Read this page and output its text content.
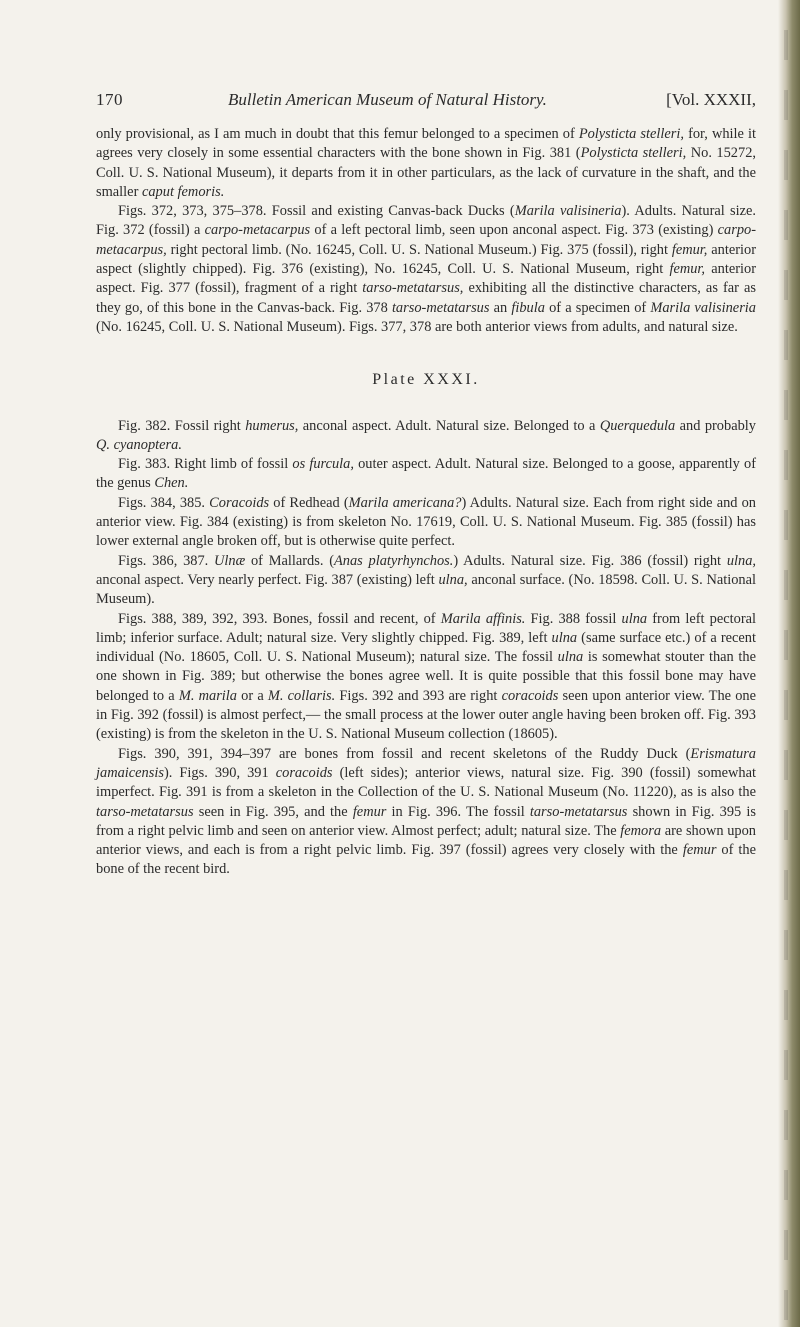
170	Bulletin American Museum of Natural History.	[Vol. XXXII,

only provisional, as I am much in doubt that this femur belonged to a specimen of Polysticta stelleri, for, while it agrees very closely in some essential characters with the bone shown in Fig. 381 (Polysticta stelleri, No. 15272, Coll. U. S. National Museum), it departs from it in other particulars, as the lack of curvature in the shaft, and the smaller caput femoris.

Figs. 372, 373, 375–378. Fossil and existing Canvas-back Ducks (Marila valisineria). Adults. Natural size. Fig. 372 (fossil) a carpo-metacarpus of a left pectoral limb, seen upon anconal aspect. Fig. 373 (existing) carpo-metacarpus, right pectoral limb. (No. 16245, Coll. U. S. National Museum.) Fig. 375 (fossil), right femur, anterior aspect (slightly chipped). Fig. 376 (existing), No. 16245, Coll. U. S. National Museum, right femur, anterior aspect. Fig. 377 (fossil), fragment of a right tarso-metatarsus, exhibiting all the distinctive characters, as far as they go, of this bone in the Canvas-back. Fig. 378 tarso-metatarsus an fibula of a specimen of Marila valisineria (No. 16245, Coll. U. S. National Museum). Figs. 377, 378 are both anterior views from adults, and natural size.

Plate XXXI.

Fig. 382. Fossil right humerus, anconal aspect. Adult. Natural size. Belonged to a Querquedula and probably Q. cyanoptera.

Fig. 383. Right limb of fossil os furcula, outer aspect. Adult. Natural size. Belonged to a goose, apparently of the genus Chen.

Figs. 384, 385. Coracoids of Redhead (Marila americana?) Adults. Natural size. Each from right side and on anterior view. Fig. 384 (existing) is from skeleton No. 17619, Coll. U. S. National Museum. Fig. 385 (fossil) has lower external angle broken off, but is otherwise quite perfect.

Figs. 386, 387. Ulnæ of Mallards. (Anas platyrhynchos.) Adults. Natural size. Fig. 386 (fossil) right ulna, anconal aspect. Very nearly perfect. Fig. 387 (existing) left ulna, anconal surface. (No. 18598. Coll. U. S. National Museum).

Figs. 388, 389, 392, 393. Bones, fossil and recent, of Marila affinis. Fig. 388 fossil ulna from left pectoral limb; inferior surface. Adult; natural size. Very slightly chipped. Fig. 389, left ulna (same surface etc.) of a recent individual (No. 18605, Coll. U. S. National Museum); natural size. The fossil ulna is somewhat stouter than the one shown in Fig. 389; but otherwise the bones agree well. It is quite possible that this fossil bone may have belonged to a M. marila or a M. collaris. Figs. 392 and 393 are right coracoids seen upon anterior view. The one in Fig. 392 (fossil) is almost perfect,— the small process at the lower outer angle having been broken off. Fig. 393 (existing) is from the skeleton in the U. S. National Museum collection (18605).

Figs. 390, 391, 394–397 are bones from fossil and recent skeletons of the Ruddy Duck (Erismatura jamaicensis). Figs. 390, 391 coracoids (left sides); anterior views, natural size. Fig. 390 (fossil) somewhat imperfect. Fig. 391 is from a skeleton in the Collection of the U. S. National Museum (No. 11220), as is also the tarso-metatarsus seen in Fig. 395, and the femur in Fig. 396. The fossil tarso-metatarsus shown in Fig. 395 is from a right pelvic limb and seen on anterior view. Almost perfect; adult; natural size. The femora are shown upon anterior views, and each is from a right pelvic limb. Fig. 397 (fossil) agrees very closely with the femur of the bone of the recent bird.
